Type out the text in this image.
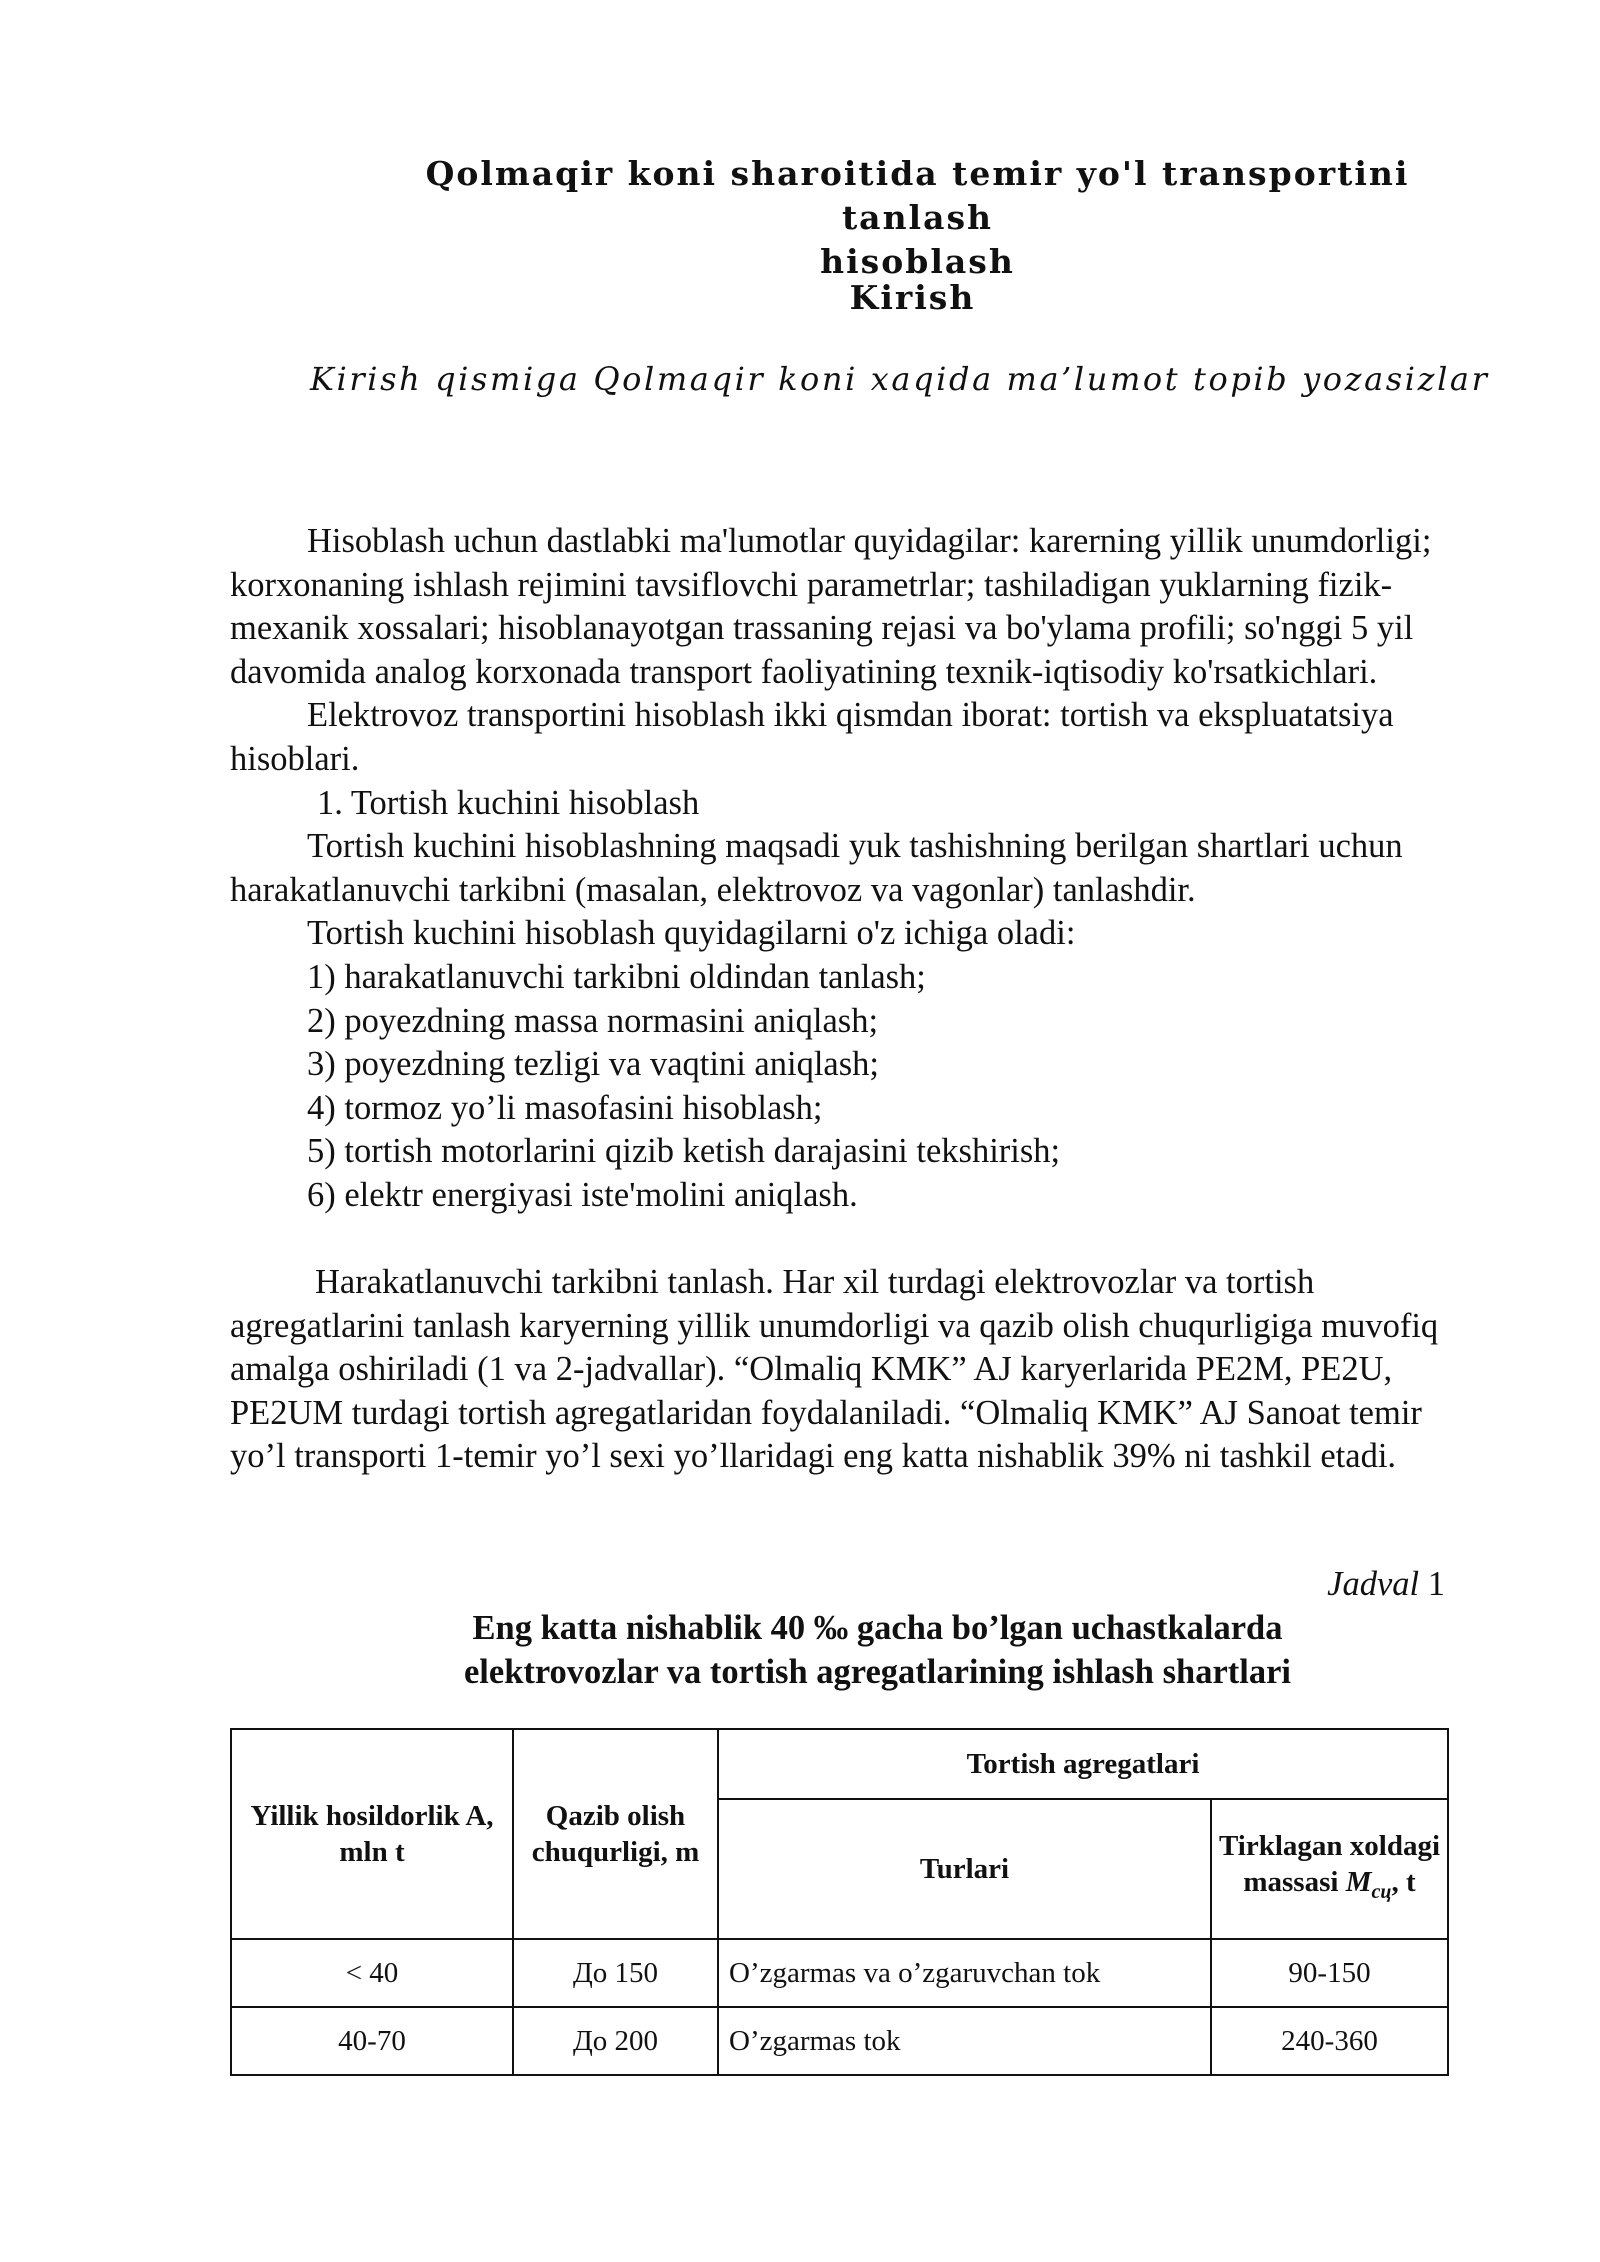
Qolmaqir koni sharoitida temir yo'l transportini tanlash
hisoblash
Kirish
Kirish qismiga Qolmaqir koni xaqida ma’lumot topib yozasizlar

Hisoblash uchun dastlabki ma'lumotlar quyidagilar: karerning yillik unumdorligi; korxonaning ishlash rejimini tavsiflovchi parametrlar; tashiladigan yuklarning fizik-mexanik xossalari; hisoblanayotgan trassaning rejasi va bo'ylama profili; so'nggi 5 yil davomida analog korxonada transport faoliyatining texnik-iqtisodiy ko'rsatkichlari.

Elektrovoz transportini hisoblash ikki qismdan iborat: tortish va ekspluatatsiya hisoblari.

1. Tortish kuchini hisoblash

Tortish kuchini hisoblashning maqsadi yuk tashishning berilgan shartlari uchun harakatlanuvchi tarkibni (masalan, elektrovoz va vagonlar) tanlashdir.

Tortish kuchini hisoblash quyidagilarni o'z ichiga oladi:

1) harakatlanuvchi tarkibni oldindan tanlash;

2) poyezdning massa normasini aniqlash;

3) poyezdning tezligi va vaqtini aniqlash;

4) tormoz yo’li masofasini hisoblash;

5) tortish motorlarini qizib ketish darajasini tekshirish;

6) elektr energiyasi iste'molini aniqlash.

Harakatlanuvchi tarkibni tanlash. Har xil turdagi elektrovozlar va tortish agregatlarini tanlash karyerning yillik unumdorligi va qazib olish chuqurligiga muvofiq amalga oshiriladi (1 va 2-jadvallar). “Olmaliq KMK” AJ karyerlarida PE2M, PE2U, PE2UM turdagi tortish agregatlaridan foydalaniladi. “Olmaliq KMK” AJ Sanoat temir yo’l transporti 1-temir yo’l sexi yo’llaridagi eng katta nishablik 39% ni tashkil etadi.

Jadval 1
Eng katta nishablik 40 ‰ gacha bo’lgan uchastkalarda
elektrovozlar va tortish agregatlarining ishlash shartlari
Yillik hosildorlik A, mln t	Qazib olish chuqurligi, m	Tortish agregatlari	
		Turlari	Tirklagan xoldagi massasi $M_{cц}$, t
< 40	До 150	O’zgarmas va o’zgaruvchan tok	90-150
40-70	До 200	O’zgarmas tok	240-360
